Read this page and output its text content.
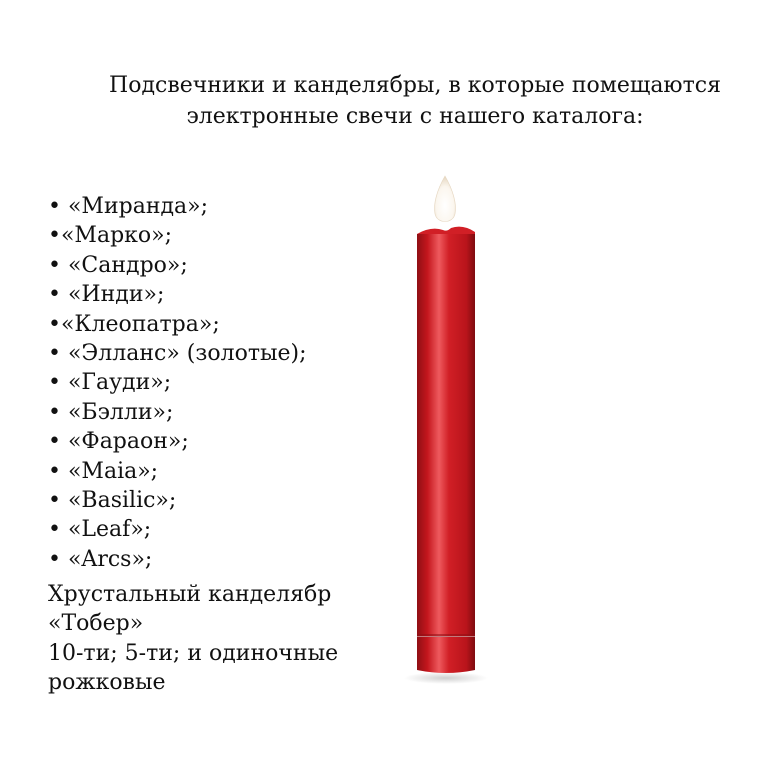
Подсвечники и канделябры, в которые помещаются
электронные свечи с нашего каталога:
• «Миранда»;
•«Марко»;
• «Сандро»;
• «Инди»;
•«Клеопатра»;
• «Элланс» (золотые);
• «Гауди»;
• «Бэлли»;
• «Фараон»;
• «Maia»;
• «Basilic»;
• «Leaf»;
• «Arcs»;

Хрустальный канделябр
«Тобер»
10-ти; 5-ти; и одиночные
рожковые
